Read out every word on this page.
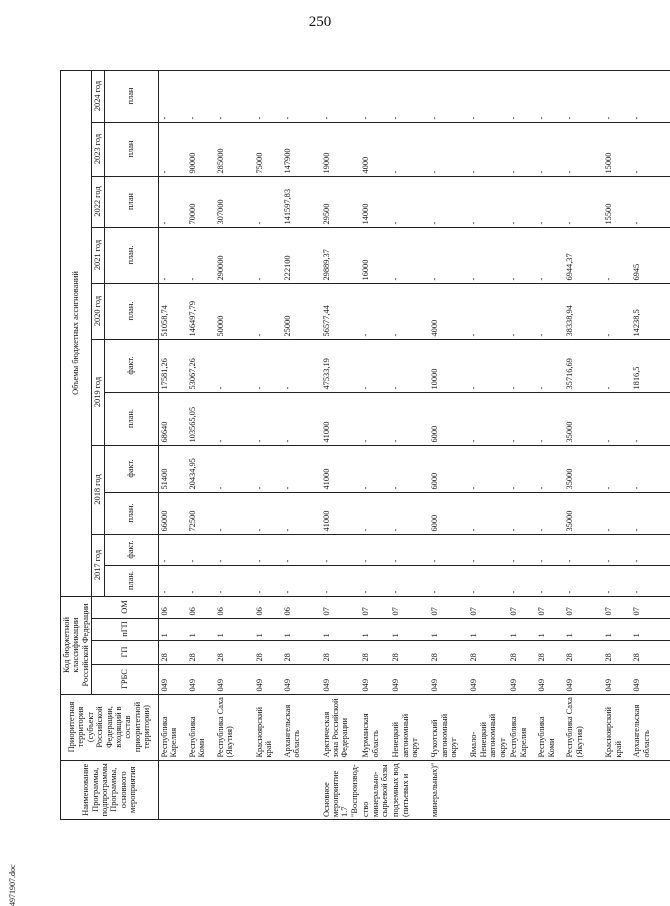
250
Наименование Программы, подпрограммы Программы, основного мероприятия	Приоритетная территория (субъект Российской Федерации, входящий в состав приоритетной территории)	Код бюджетной классификации Российской Федерации				Объемы бюджетных ассигнований										
		ГРБС	ГП	пГП	ОМ	2017 год		2018 год		2019 год		2020 год	2021 год	2022 год	2023 год	2024 год
						план.	факт.	план.	факт.	план.	факт.	план.	план.	план	план	план
	Республика Карелия	049	28	1	06	-	-	66000	51400	68640	17581,26	51058,74	-	-	-	-
	Республика Коми	049	28	1	06	-	-	72500	20434,95	103565,05	53067,26	146497,79	-	70000	90000	-
	Республика Саха (Якутия)	049	28	1	06	-	-	-	-	-	-	50000	290000	307000	285000	-
	Красноярский край	049	28	1	06	-	-	-	-	-	-	-	-	-	75000	-
	Архангельская область	049	28	1	06	-	-	-	-	-	-	25000	222100	141597,83	147900	-
Основное мероприятие 1.7 "Воспроизвод-	Арктическая зона Российской Федерации	049	28	1	07	-	-	41000	41000	41000	47533,19	56577,44	29889,37	29500	19000	-
ство минерально-сырьевой базы	Мурманская область	049	28	1	07	-	-	-	-	-	-	-	16000	14000	4000	-
подземных вод (питьевых и	Ненецкий автономный округ	049	28	1	07	-	-	-	-	-	-	-	-	-	-	-
минеральных)"	Чукотский автономный округ	049	28	1	07	-	-	6000	6000	6000	10000	4000	-	-	-	-
	Ямало-Ненецкий автономный округ	049	28	1	07	-	-	-	-	-	-	-	-	-	-	-
	Республика Карелия	049	28	1	07	-	-	-	-	-	-	-	-	-	-	-
	Республика Коми	049	28	1	07	-	-	-	-	-	-	-	-	-	-	-
	Республика Саха (Якутия)	049	28	1	07	-	-	35000	35000	35000	35716,69	38338,94	6944,37	-	-	-
	Красноярский край	049	28	1	07	-	-	-	-	-	-	-	-	15500	15000	-
	Архангельская область	049	28	1	07	-	-	-	-	-	1816,5	14238,5	6945	-	-	-
4971907.doc
